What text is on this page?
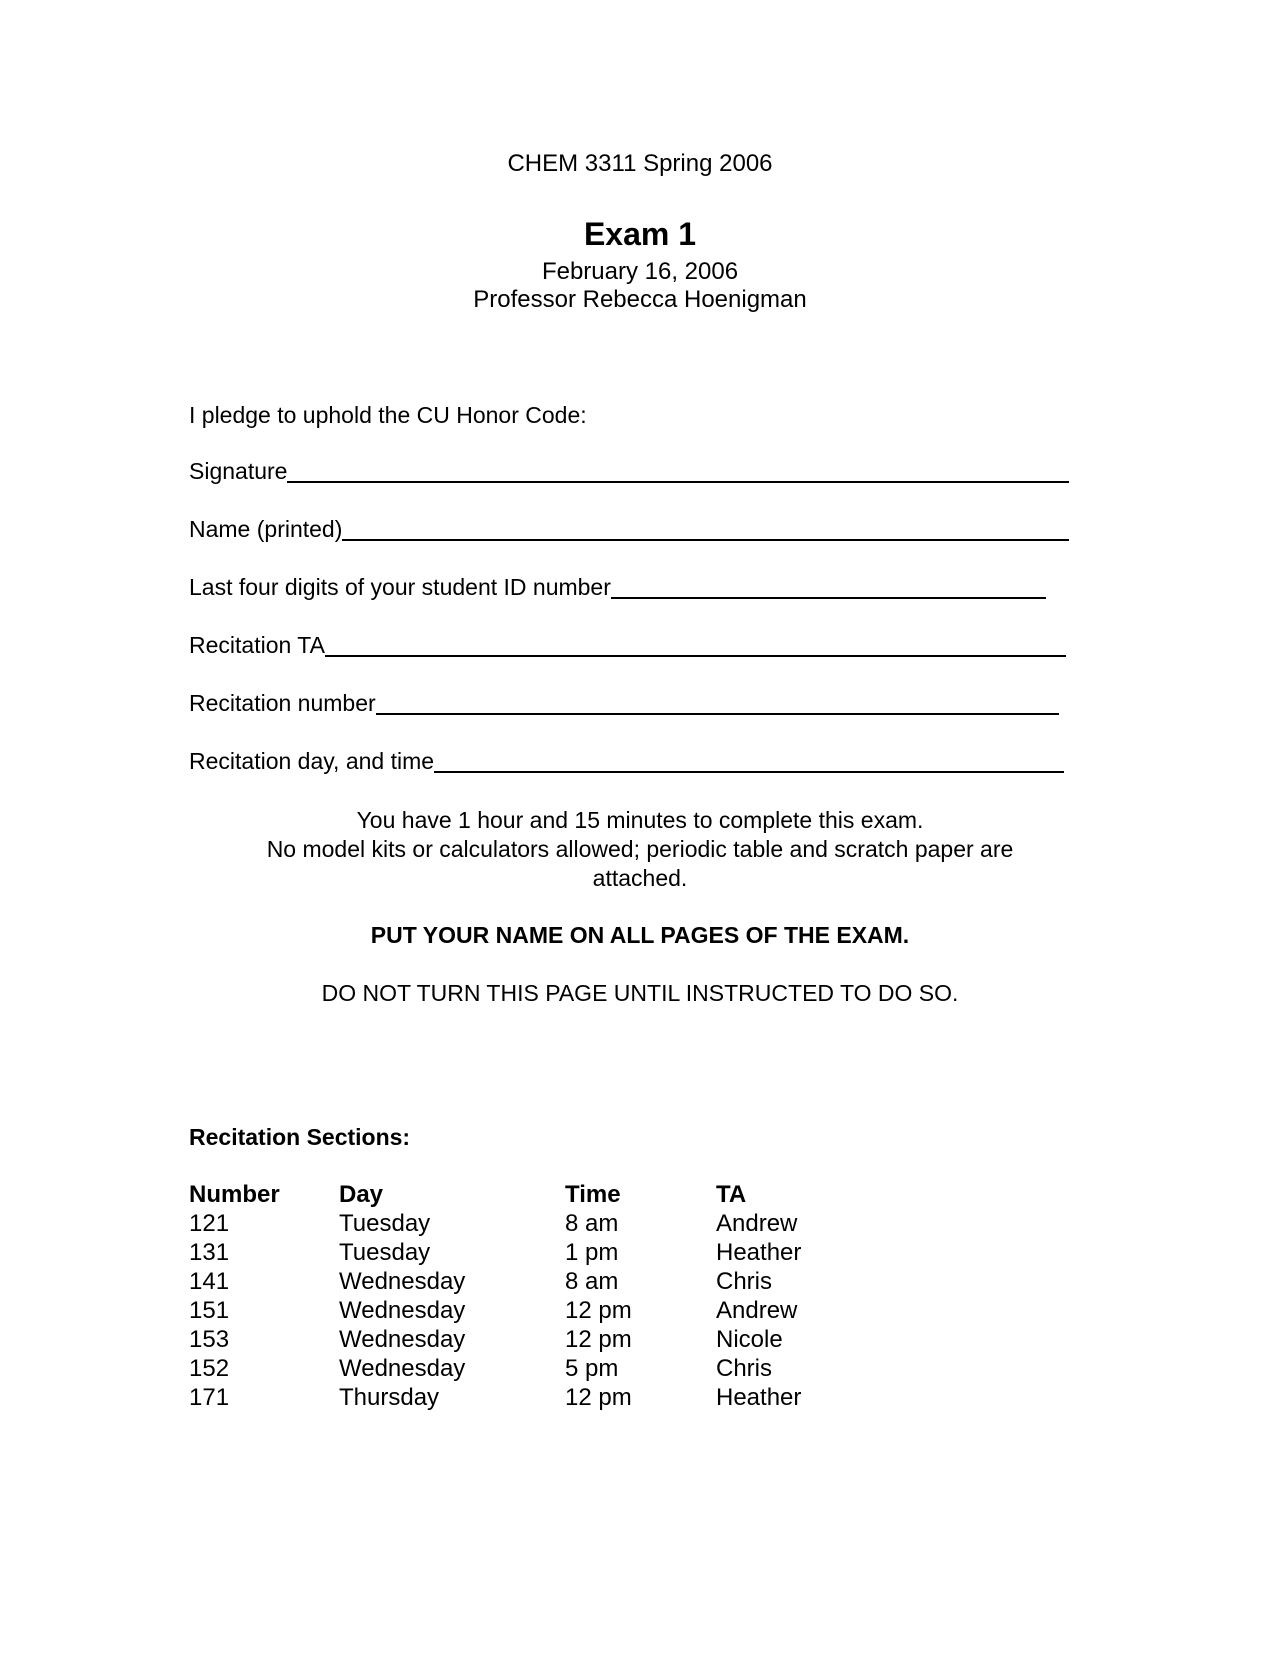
CHEM 3311 Spring 2006
Exam 1
February 16, 2006
Professor Rebecca Hoenigman
I pledge to uphold the CU Honor Code:
Signature
Name (printed)
Last four digits of your student ID number
Recitation TA
Recitation number
Recitation day, and time
You have 1 hour and 15 minutes to complete this exam.
No model kits or calculators allowed; periodic table and scratch paper are
attached.
PUT YOUR NAME ON ALL PAGES OF THE EXAM.
DO NOT TURN THIS PAGE UNTIL INSTRUCTED TO DO SO.
Recitation Sections:
Number Day	Time	TA
121	Tuesday	8 am	Andrew
131	Tuesday	1 pm	Heather
141	Wednesday	8 am	Chris
151	Wednesday	12 pm	Andrew
153	Wednesday	12 pm	Nicole
152	Wednesday	5 pm	Chris
171	Thursday	12 pm	Heather
